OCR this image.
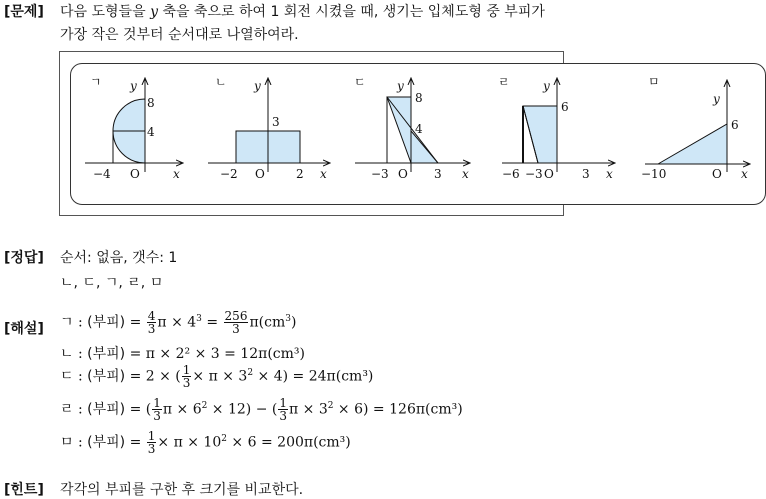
[문제] 다음 도형들을 y 축을 축으로 하여 1 회전 시켰을 때, 생기는 입체도형 중 부피가
가장 작은 것부터 순서대로 나열하여라.
ㄱ y
x
8
4
−4 O
ㄴ y
x
3
−2 O	2
ㄷ	y
x
8
4
−3 O 3
ㄹ	y
x
6
−6 −3 O 3
ㅁ
y
x
6
−10	O
[정답] 순서: 없음, 갯수: 1
ㄴ, ㄷ, ㄱ, ㄹ, ㅁ
[해설] ㄱ : (부피) = $\frac{4}{3}$ $\pi \times 4^3 = \frac{256}{3} \pi(cm^3)$
ㄴ : (부피) = π × 2² × 3 = 12π(cm³)
ㄷ : (부피) = 2 × ( $\frac{1}{3} \times \pi \times 3^2 \times 4) = 24\pi(cm^3)$
ㄹ : (부피) = ( $\frac{1}{3}$ $\pi \times 6^2 \times 12$) − ( $\frac{1}{3}$ $\pi \times 3^2 \times 6) = 126\pi(cm^3)$
ㅁ : (부피) = $\frac{1}{3} \times \pi \times 10^2 \times 6 = 200\pi(cm^3)$
[힌트] 각각의 부피를 구한 후 크기를 비교한다.
